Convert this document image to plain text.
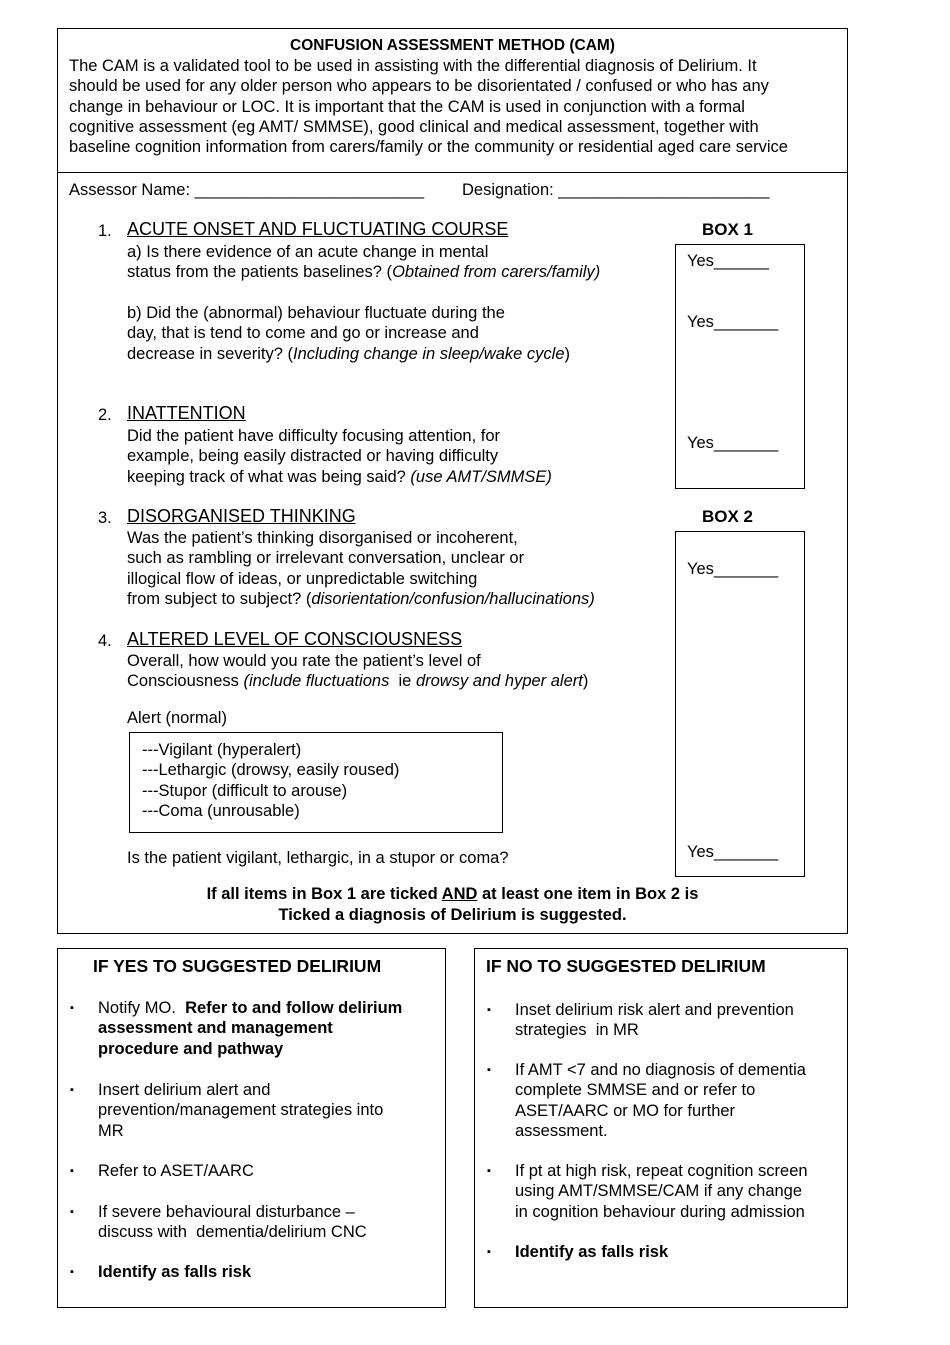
CONFUSION ASSESSMENT METHOD (CAM)
The CAM is a validated tool to be used in assisting with the differential diagnosis of Delirium. It
should be used for any older person who appears to be disorientated / confused or who has any
change in behaviour or LOC. It is important that the CAM is used in conjunction with a formal
cognitive assessment (eg AMT/ SMMSE), good clinical and medical assessment, together with
baseline cognition information from carers/family or the community or residential aged care service
Assessor Name: _________________________ Designation: _______________________
1. ACUTE ONSET AND FLUCTUATING COURSE
a) Is there evidence of an acute change in mental
status from the patients baselines? (Obtained from carers/family)
b) Did the (abnormal) behaviour fluctuate during the
day, that is tend to come and go or increase and
decrease in severity? (Including change in sleep/wake cycle)
2. INATTENTION
Did the patient have difficulty focusing attention, for
example, being easily distracted or having difficulty
keeping track of what was being said? (use AMT/SMMSE)
3. DISORGANISED THINKING
Was the patient’s thinking disorganised or incoherent,
such as rambling or irrelevant conversation, unclear or
illogical flow of ideas, or unpredictable switching
from subject to subject? (disorientation/confusion/hallucinations)
4. ALTERED LEVEL OF CONSCIOUSNESS
Overall, how would you rate the patient’s level of
Consciousness (include fluctuations  ie drowsy and hyper alert)
Alert (normal)
---Vigilant (hyperalert)
---Lethargic (drowsy, easily roused)
---Stupor (difficult to arouse)
---Coma (unrousable)
Is the patient vigilant, lethargic, in a stupor or coma?
BOX 1
Yes______
Yes_______
Yes_______
BOX 2
Yes_______
Yes_______
If all items in Box 1 are ticked AND at least one item in Box 2 is
Ticked a diagnosis of Delirium is suggested.
IF YES TO SUGGESTED DELIRIUM
▪ Notify MO.  Refer to and follow delirium
assessment and management
procedure and pathway
▪ Insert delirium alert and
prevention/management strategies into
MR
▪ Refer to ASET/AARC
▪ If severe behavioural disturbance –
discuss with  dementia/delirium CNC
▪ Identify as falls risk
IF NO TO SUGGESTED DELIRIUM
▪ Inset delirium risk alert and prevention
strategies  in MR
▪ If AMT <7 and no diagnosis of dementia
complete SMMSE and or refer to
ASET/AARC or MO for further
assessment.
▪ If pt at high risk, repeat cognition screen
using AMT/SMMSE/CAM if any change
in cognition behaviour during admission
▪ Identify as falls risk
